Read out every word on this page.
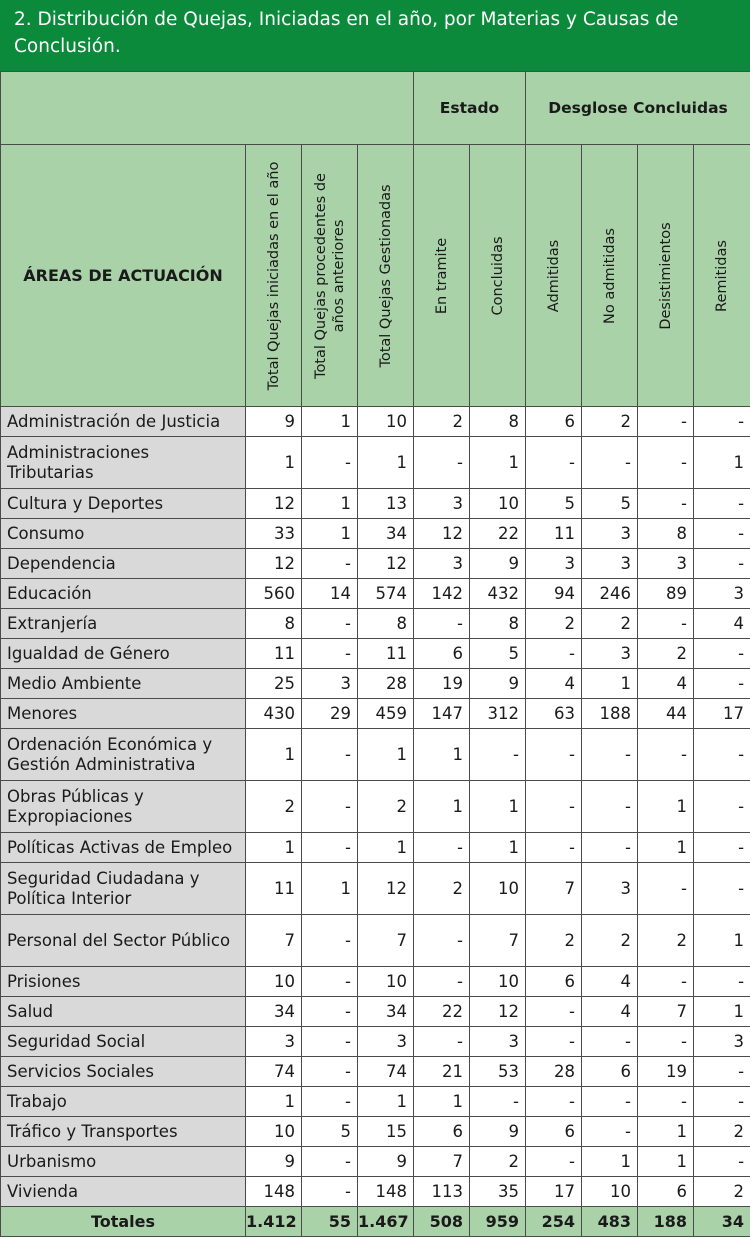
2. Distribución de Quejas, Iniciadas en el año, por Materias y Causas de Conclusión.
				Estado		Desglose Concluidas			
ÁREAS DE ACTUACIÓN	Total Quejas iniciadas en el año	Total Quejas procedentes de años anteriores	Total Quejas Gestionadas	En tramite	Concluidas	Admitidas	No admitidas	Desistimientos	Remitidas

Administración de Justicia	9	1	10	2	8	6	2	-	-
Administraciones Tributarias	1	-	1	-	1	-	-	-	1
Cultura y Deportes	12	1	13	3	10	5	5	-	-
Consumo	33	1	34	12	22	11	3	8	-
Dependencia	12	-	12	3	9	3	3	3	-
Educación	560	14	574	142	432	94	246	89	3
Extranjería	8	-	8	-	8	2	2	-	4
Igualdad de Género	11	-	11	6	5	-	3	2	-
Medio Ambiente	25	3	28	19	9	4	1	4	-
Menores	430	29	459	147	312	63	188	44	17
Ordenación Económica y Gestión Administrativa	1	-	1	1	-	-	-	-	-
Obras Públicas y Expropiaciones	2	-	2	1	1	-	-	1	-
Políticas Activas de Empleo	1	-	1	-	1	-	-	1	-
Seguridad Ciudadana y Política Interior	11	1	12	2	10	7	3	-	-
Personal del Sector Público	7	-	7	-	7	2	2	2	1
Prisiones	10	-	10	-	10	6	4	-	-
Salud	34	-	34	22	12	-	4	7	1
Seguridad Social	3	-	3	-	3	-	-	-	3
Servicios Sociales	74	-	74	21	53	28	6	19	-
Trabajo	1	-	1	1	-	-	-	-	-
Tráfico y Transportes	10	5	15	6	9	6	-	1	2
Urbanismo	9	-	9	7	2	-	1	1	-
Vivienda	148	-	148	113	35	17	10	6	2
Totales	1.412	55	1.467	508	959	254	483	188	34
